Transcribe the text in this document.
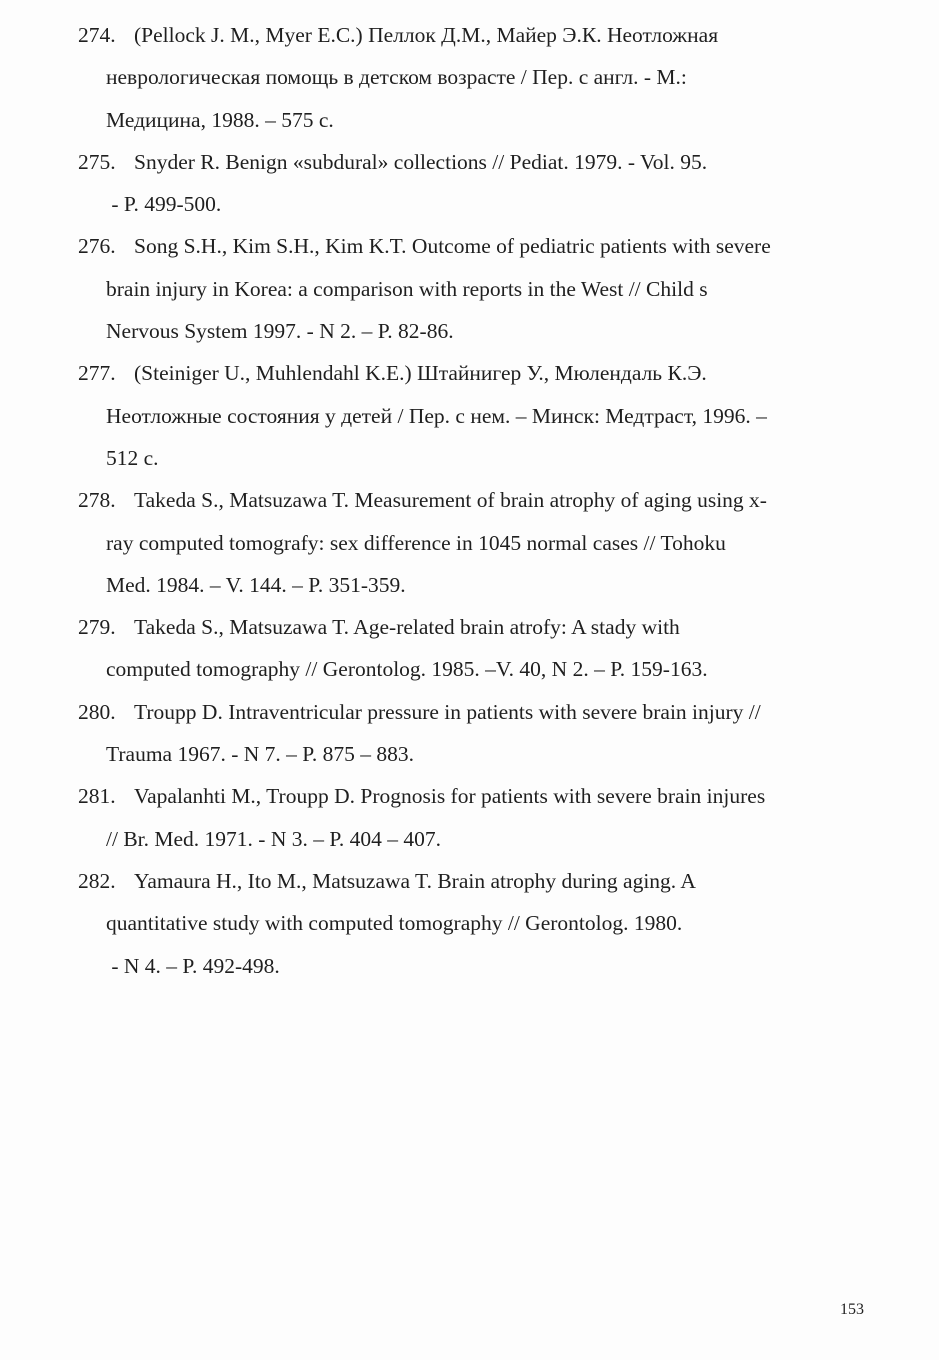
274. (Pellock J. M., Myer E.C.) Пеллок Д.М., Майер Э.К. Неотложная
неврологическая помощь в детском возрасте / Пер. с англ. - М.:
Медицина, 1988. – 575 с.
275. Snyder R. Benign «subdural» collections // Pediat. 1979. - Vol. 95.
- P. 499-500.
276. Song S.H., Kim S.H., Kim K.T. Outcome of pediatric patients with severe
brain injury in Korea: a comparison with reports in the West // Child s
Nervous System 1997. - N 2. – P. 82-86.
277. (Steiniger U., Muhlendahl K.E.) Штайнигер У., Мюлендаль К.Э.
Неотложные состояния у детей / Пер. с нем. – Минск: Медтраст, 1996. –
512 с.
278. Takeda S., Matsuzawa T. Measurement of brain atrophy of aging using x-
ray computed tomografy: sex difference in 1045 normal cases // Tohoku
Med. 1984. – V. 144. – P. 351-359.
279. Takeda S., Matsuzawa T. Age-related brain atrofy: A stady with
computed tomography // Gerontolog. 1985. –V. 40, N 2. – P. 159-163.
280. Troupp D. Intraventricular pressure in patients with severe brain injury //
Trauma 1967. - N 7. – P. 875 – 883.
281. Vapalanhti M., Troupp D. Prognosis for patients with severe brain injures
// Br. Med. 1971. - N 3. – P. 404 – 407.
282. Yamaura H., Ito M., Matsuzawa T. Brain atrophy during aging. A
quantitative study with computed tomography // Gerontolog. 1980.
- N 4. – P. 492-498.
153
